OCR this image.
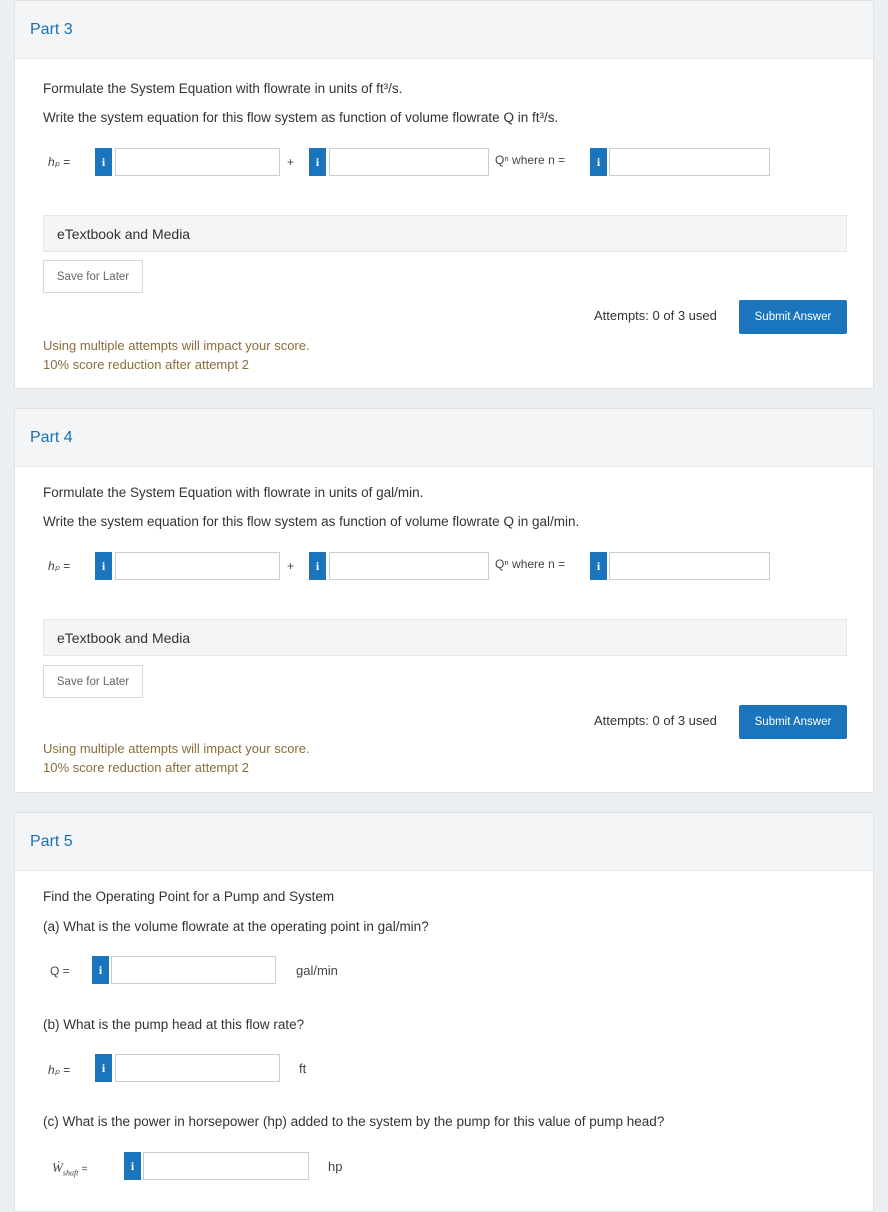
Part 3
Formulate the System Equation with flowrate in units of ft³/s.
Write the system equation for this flow system as function of volume flowrate Q in ft³/s.
hₚ =	i	+	i	Qⁿ where n =	i
eTextbook and Media
Save for Later
Attempts: 0 of 3 used	Submit Answer
Using multiple attempts will impact your score.
10% score reduction after attempt 2
Part 4
Formulate the System Equation with flowrate in units of gal/min.
Write the system equation for this flow system as function of volume flowrate Q in gal/min.
hₚ =	i	+	i	Qⁿ where n =	i
eTextbook and Media
Save for Later
Attempts: 0 of 3 used	Submit Answer
Using multiple attempts will impact your score.
10% score reduction after attempt 2
Part 5
Find the Operating Point for a Pump and System
(a) What is the volume flowrate at the operating point in gal/min?
Q =	i	gal/min
(b) What is the pump head at this flow rate?
hₚ =	i	ft
(c) What is the power in horsepower (hp) added to the system by the pump for this value of pump head?
Ẇ$_{shaft}$ =	i	hp
